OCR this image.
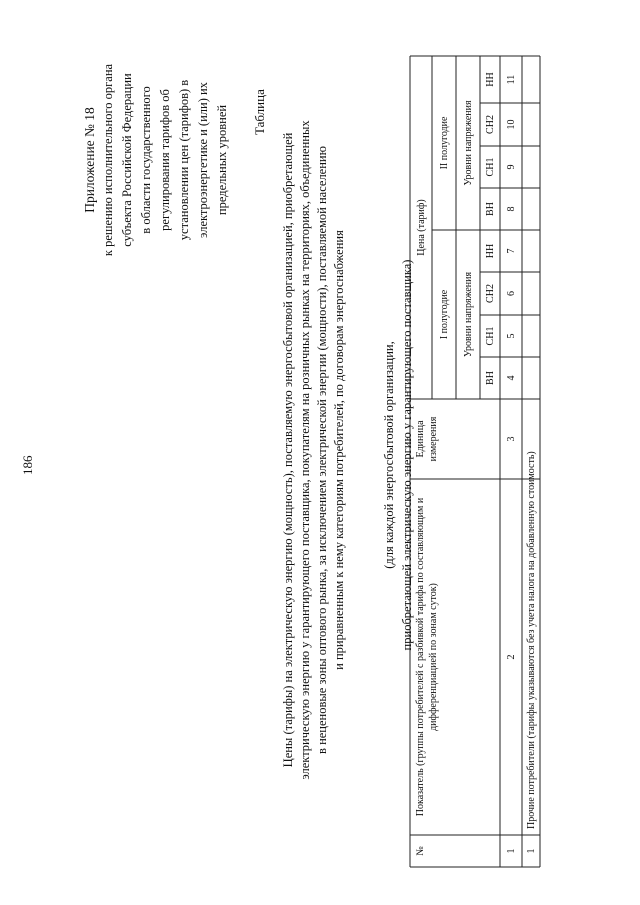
186
Приложение № 18 к решению исполнительного органа субъекта Российской Федерации в области государственного регулирования тарифов об установлении цен (тарифов) в электроэнергетике и (или) их предельных уровней Таблица
Цены (тарифы) на электрическую энергию (мощность), поставляемую энергосбытовой организацией, приобретающей электрическую энергию у гарантирующего поставщика, покупателям на розничных рынках на территориях, объединенных в неценовые зоны оптового рынка, за исключением электрической энергии (мощности), поставляемой населению и приравненным к нему категориям потребителей, по договорам энергоснабжения	(для каждой энергосбытовой организации, приобретающей электрическую энергию у гарантирующего поставщика)
№
Показатель (группы потребителей с разбивкой тарифа по составляющим и дифференциацией по зонам суток)
Единица измерения
Цена (тариф)
I полугодие
II полугодие
Уровни напряжения
Уровни напряжения
ВН
СН1
СН2
НН
ВН
СН1
СН2
НН
1
2
3
4
5
6
7
8
9
10
11
1
Прочие потребители (тарифы указываются без учета налога на добавленную стоимость)
